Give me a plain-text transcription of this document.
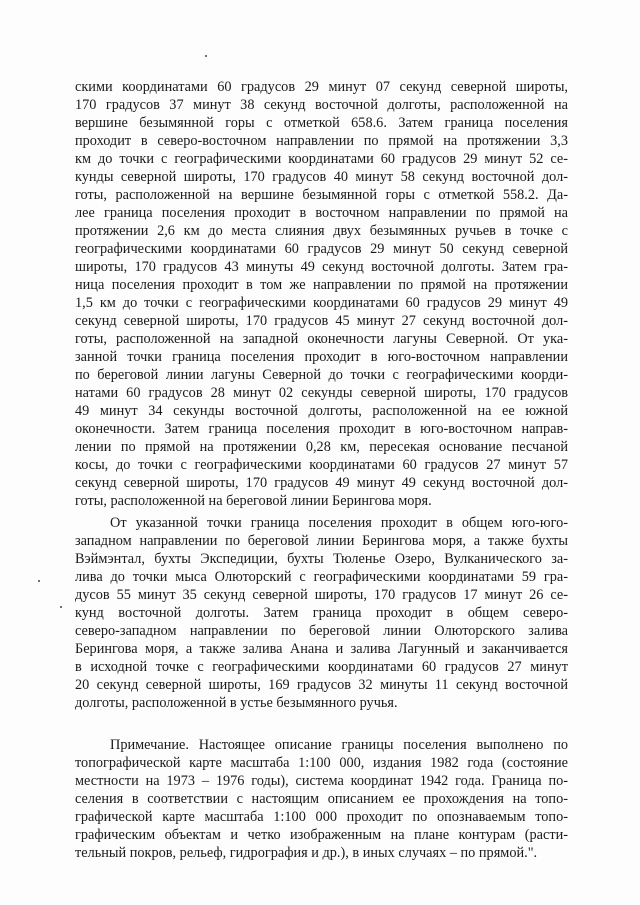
скими координатами 60 градусов 29 минут 07 секунд северной широты,
170 градусов 37 минут 38 секунд восточной долготы, расположенной на
вершине безымянной горы с отметкой 658.6. Затем граница поселения
проходит в северо-восточном направлении по прямой на протяжении 3,3
км до точки с географическими координатами 60 градусов 29 минут 52 се-
кунды северной широты, 170 градусов 40 минут 58 секунд восточной дол-
готы, расположенной на вершине безымянной горы с отметкой 558.2. Да-
лее граница поселения проходит в восточном направлении по прямой на
протяжении 2,6 км до места слияния двух безымянных ручьев в точке с
географическими координатами 60 градусов 29 минут 50 секунд северной
широты, 170 градусов 43 минуты 49 секунд восточной долготы. Затем гра-
ница поселения проходит в том же направлении по прямой на протяжении
1,5 км до точки с географическими координатами 60 градусов 29 минут 49
секунд северной широты, 170 градусов 45 минут 27 секунд восточной дол-
готы, расположенной на западной оконечности лагуны Северной. От ука-
занной точки граница поселения проходит в юго-восточном направлении
по береговой линии лагуны Северной до точки с географическими коорди-
натами 60 градусов 28 минут 02 секунды северной широты, 170 градусов
49 минут 34 секунды восточной долготы, расположенной на ее южной
оконечности. Затем граница поселения проходит в юго-восточном направ-
лении по прямой на протяжении 0,28 км, пересекая основание песчаной
косы, до точки с географическими координатами 60 градусов 27 минут 57
секунд северной широты, 170 градусов 49 минут 49 секунд восточной дол-
готы, расположенной на береговой линии Берингова моря.
От указанной точки граница поселения проходит в общем юго-юго-
западном направлении по береговой линии Берингова моря, а также бухты
Вэймэнтал, бухты Экспедиции, бухты Тюленье Озеро, Вулканического за-
лива до точки мыса Олюторский с географическими координатами 59 гра-
дусов 55 минут 35 секунд северной широты, 170 градусов 17 минут 26 се-
кунд восточной долготы. Затем граница проходит в общем северо-
северо-западном направлении по береговой линии Олюторского залива
Берингова моря, а также залива Анана и залива Лагунный и заканчивается
в исходной точке с географическими координатами 60 градусов 27 минут
20 секунд северной широты, 169 градусов 32 минуты 11 секунд восточной
долготы, расположенной в устье безымянного ручья.
Примечание. Настоящее описание границы поселения выполнено по
топографической карте масштаба 1:100 000, издания 1982 года (состояние
местности на 1973 – 1976 годы), система координат 1942 года. Граница по-
селения в соответствии с настоящим описанием ее прохождения на топо-
графической карте масштаба 1:100 000 проходит по опознаваемым топо-
графическим объектам и четко изображенным на плане контурам (расти-
тельный покров, рельеф, гидрография и др.), в иных случаях – по прямой.".
